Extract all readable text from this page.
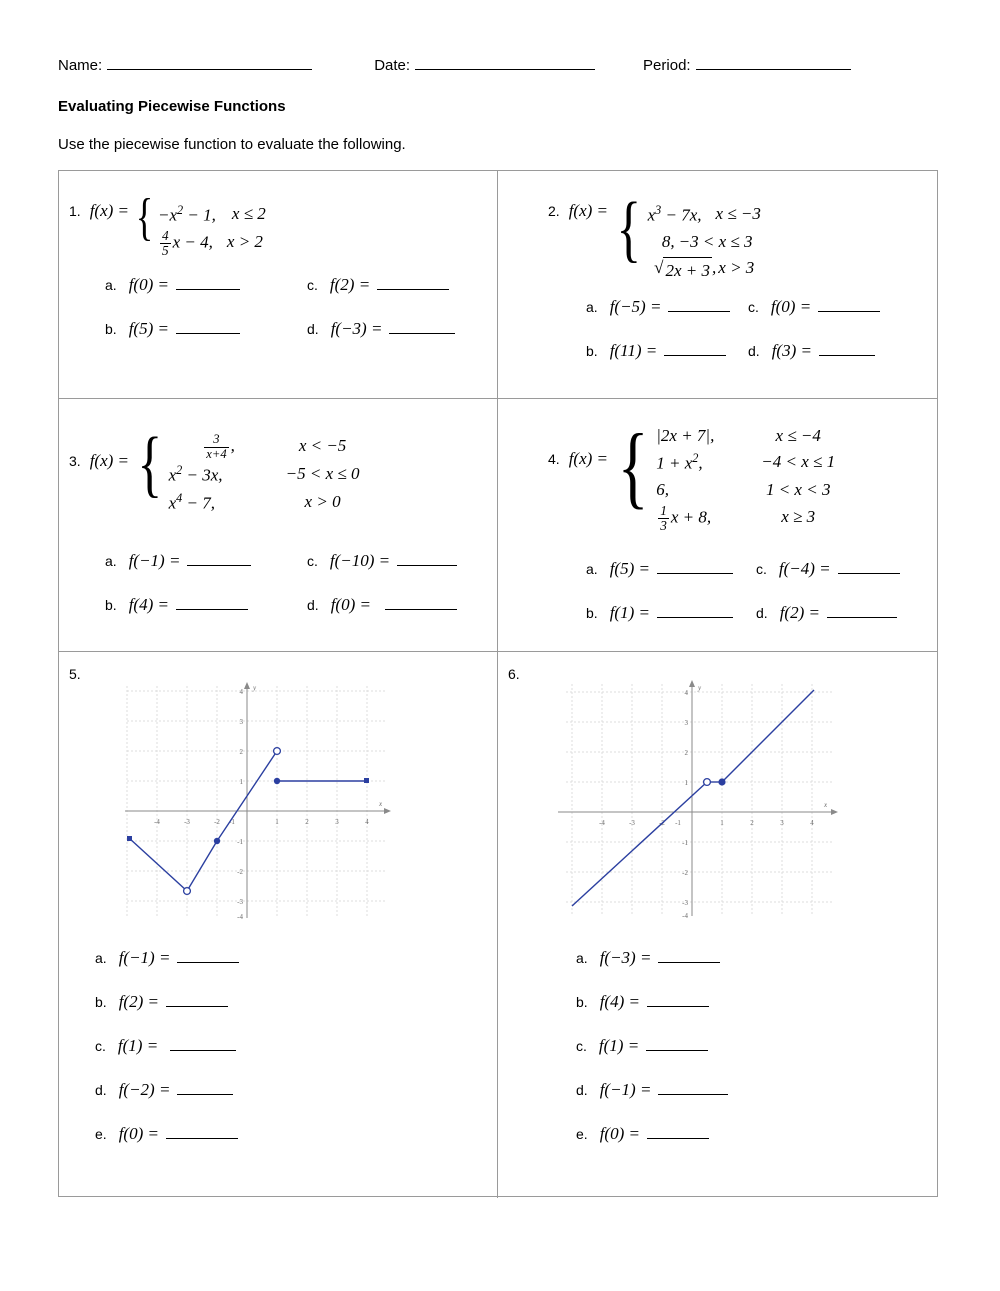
Name:	Date:	Period:
Evaluating Piecewise Functions
Use the piecewise function to evaluate the following.
1. f(x) = { $-x^2 - 1$, x ≤ 2
$\frac{4}{5}$ x − 4, x > 2
a. f(0) =	c. f(2) =
b. f(5) =	d. f(−3) =
2. f(x) = { $x^3 - 7x$, x ≤ −3
8, −3 < x ≤ 3
√ 2x + 3 , x > 3
a. f(−5) =	c. f(0) =
b. f(11) =	d. f(3) =
3. f(x) = {	$\frac{3}{x+4}$ ,	x < −5
$x^2 - 3x$,	−5 < x ≤ 0
$x^4 - 7$,	x > 0
a. f(−1) =	c. f(−10) =
b. f(4) =	d. f(0) =
4. f(x) = { |2x + 7|,	x ≤ −4
$1 + x^2$,	−4 < x ≤ 1
6,	1 < x < 3
$\frac{1}{3}$ x + 8,	x ≥ 3
a. f(5) =	c. f(−4) =
b. f(1) =	d. f(2) =
5.
y
x
-4	-3	-2 -1	1	2	3	4
4
3
2
1
-1
-2
-3
-4
a. f(−1) =
b. f(2) =
c. f(1) =
d. f(−2) =
e. f(0) =
6.
y
x
-4	-3	-2 -1	1	2	3	4
4
3
2
1
-1
-2
-3
-4
a. f(−3) =
b. f(4) =
c. f(1) =
d. f(−1) =
e. f(0) =
